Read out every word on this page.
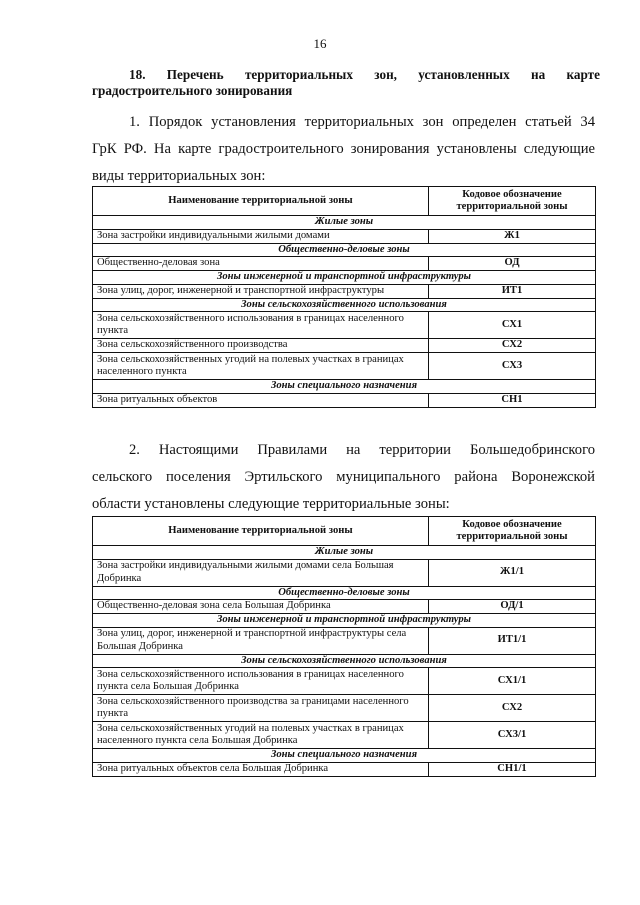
16
18. Перечень территориальных зон, установленных на карте
градостроительного зонирования
1. Порядок установления территориальных зон определен статьей 34
ГрК РФ. На карте градостроительного зонирования установлены следующие
виды территориальных зон:
Наименование территориальной зоны	Кодовое обозначение территориальной зоны
Жилые зоны	
Зона застройки индивидуальными жилыми домами	Ж1
Общественно-деловые зоны	
Общественно-деловая зона	ОД
Зоны инженерной и транспортной инфраструктуры	
Зона улиц, дорог, инженерной и транспортной инфраструктуры	ИТ1
Зоны сельскохозяйственного использования	
Зона сельскохозяйственного использования в границах населенного пункта	СХ1
Зона сельскохозяйственного производства	СХ2
Зона сельскохозяйственных угодий на полевых участках в границах населенного пункта	СХ3
Зоны специального назначения	
Зона ритуальных объектов	СН1
2. Настоящими Правилами на территории Большедобринского
сельского поселения Эртильского муниципального района Воронежской
области установлены следующие территориальные зоны:
Наименование территориальной зоны	Кодовое обозначение территориальной зоны
Жилые зоны	
Зона застройки индивидуальными жилыми домами села Большая Добринка	Ж1/1
Общественно-деловые зоны	
Общественно-деловая зона села Большая Добринка	ОД/1
Зоны инженерной и транспортной инфраструктуры	
Зона улиц, дорог, инженерной и транспортной инфраструктуры села Большая Добринка	ИТ1/1
Зоны сельскохозяйственного использования	
Зона сельскохозяйственного использования в границах населенного пункта села Большая Добринка	СХ1/1
Зона сельскохозяйственного производства за границами населенного пункта	СХ2
Зона сельскохозяйственных угодий на полевых участках в границах населенного пункта села Большая Добринка	СХ3/1
Зоны специального назначения	
Зона ритуальных объектов села Большая Добринка	СН1/1
